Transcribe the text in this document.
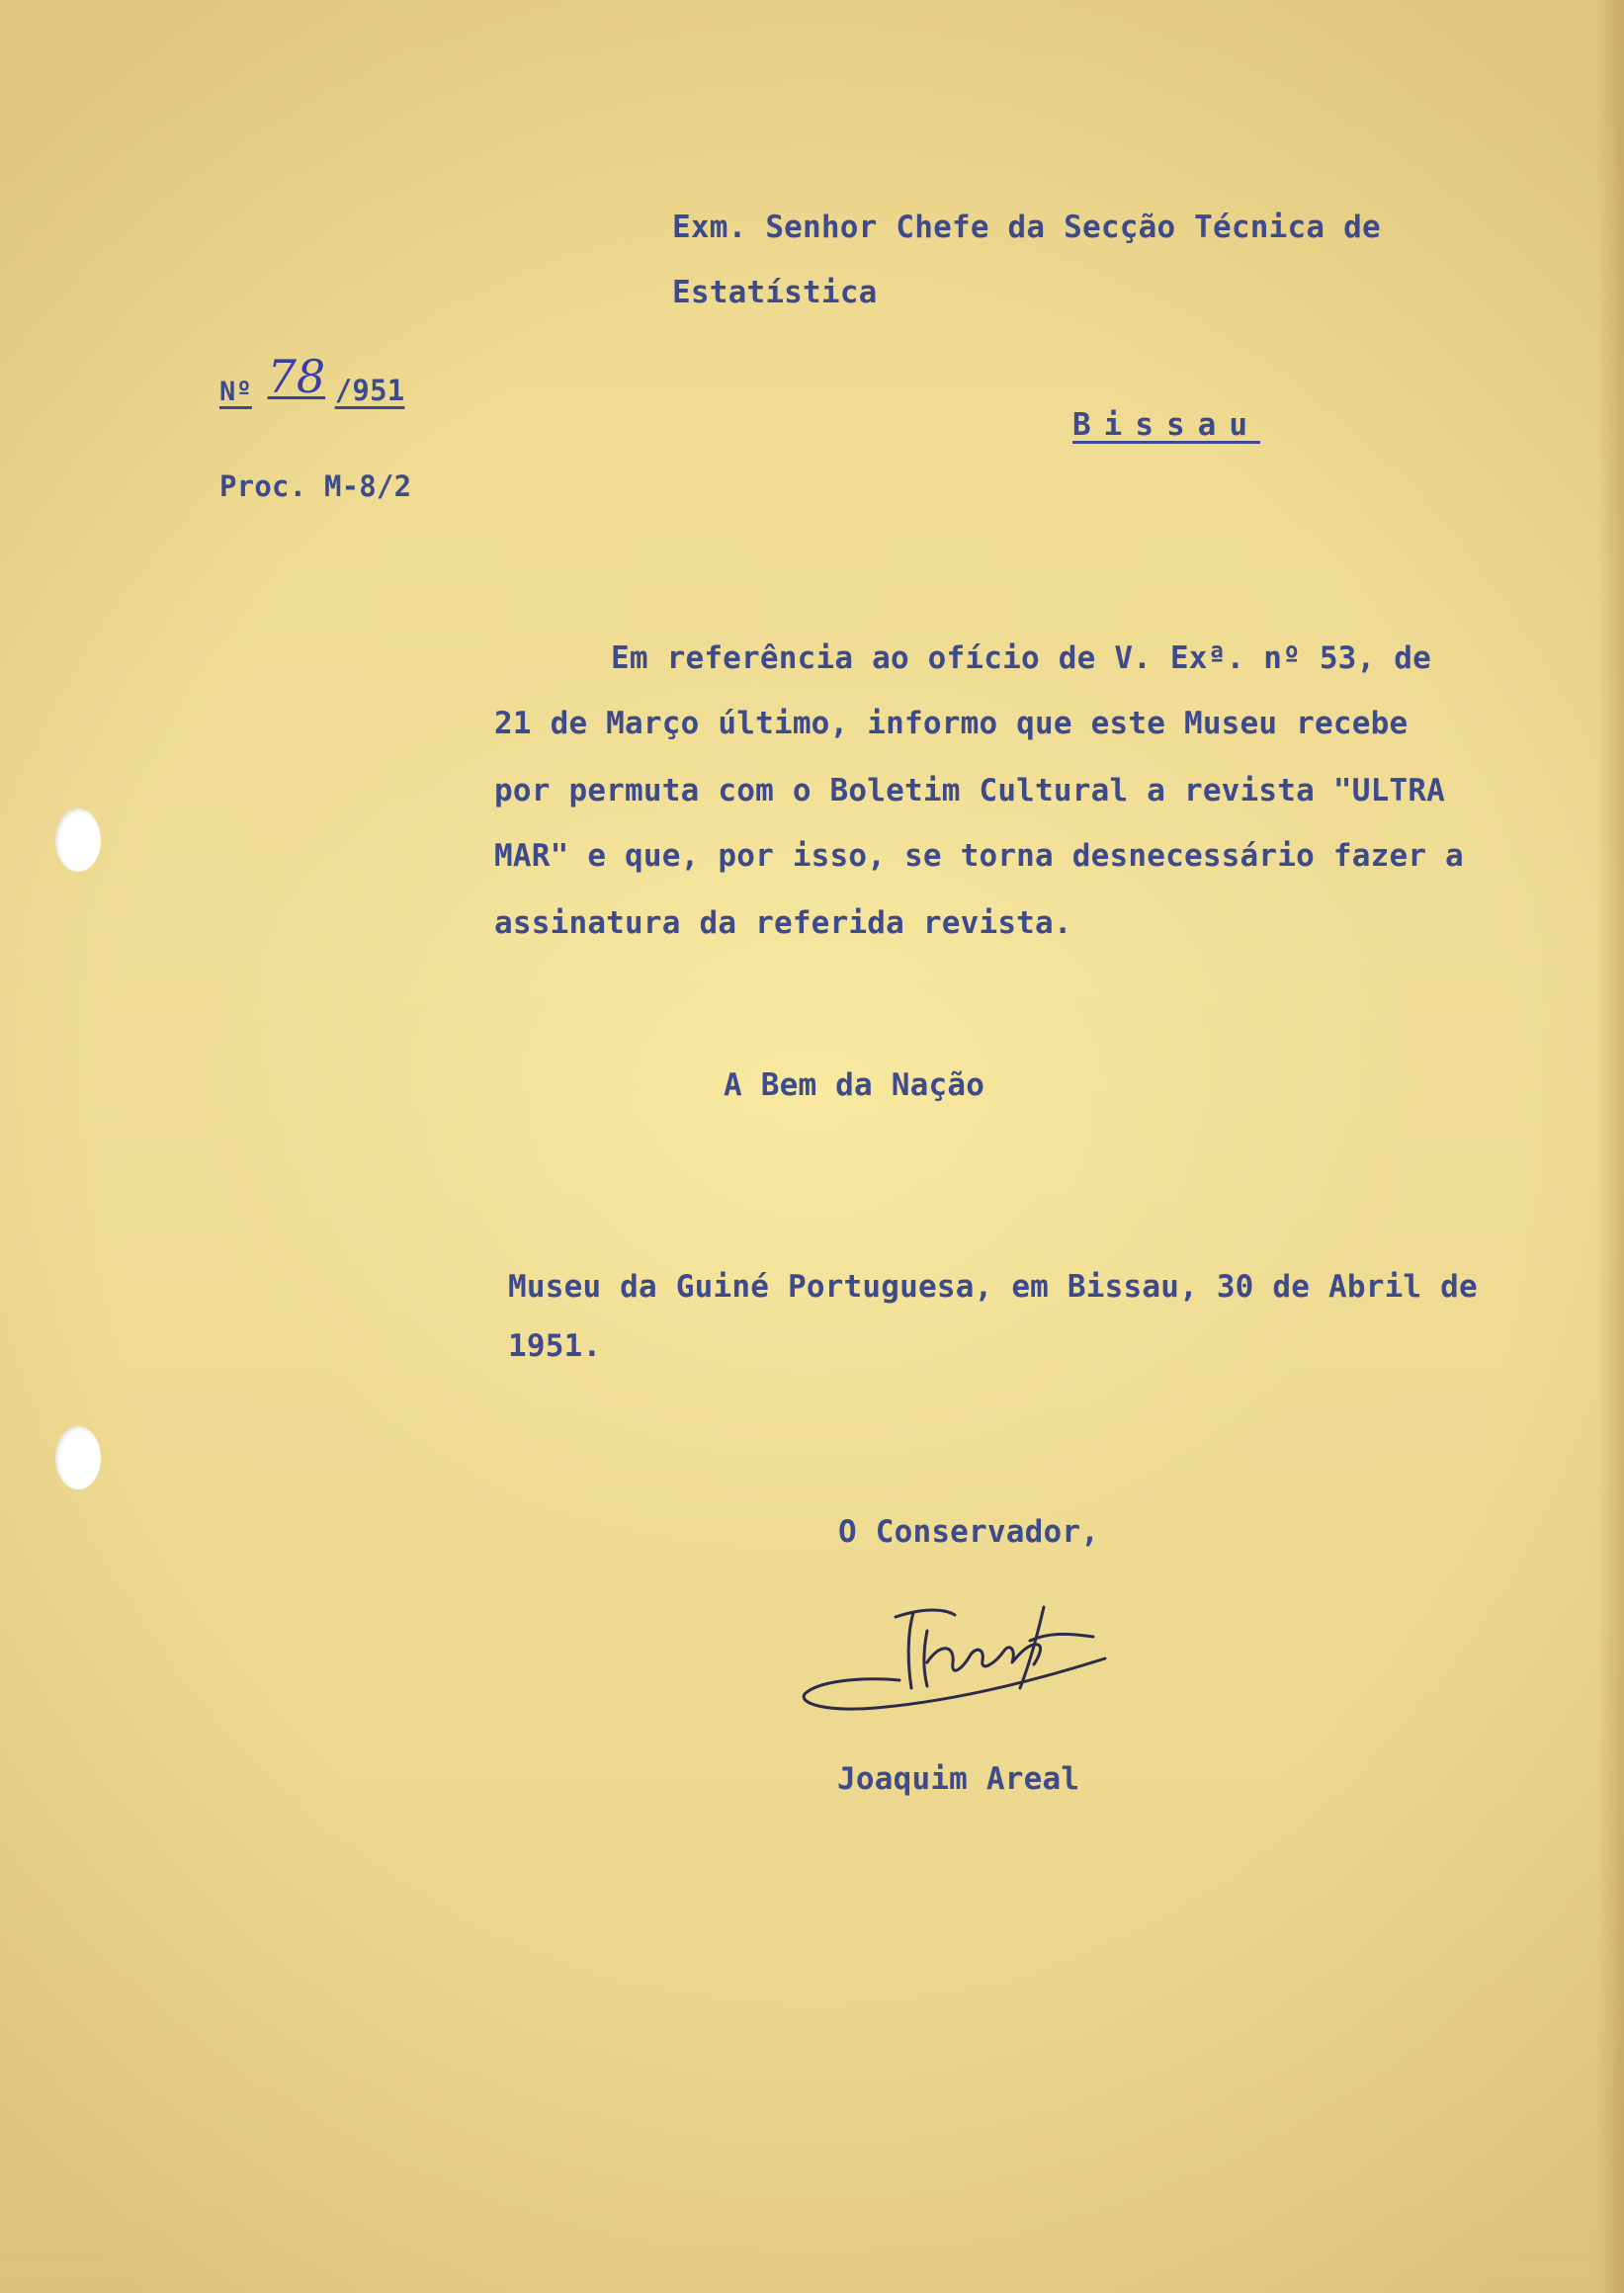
Exm. Senhor Chefe da Secção Técnica de
Estatística
Bissau
Nº 78 /951
Proc. M-8/2
Em referência ao ofício de V. Exª. nº 53, de
21 de Março último, informo que este Museu recebe
por permuta com o Boletim Cultural a revista "ULTRA
MAR" e que, por isso, se torna desnecessário fazer a
assinatura da referida revista.
A Bem da Nação
Museu da Guiné Portuguesa, em Bissau, 30 de Abril de
1951.
O Conservador,
Joaquim Areal
